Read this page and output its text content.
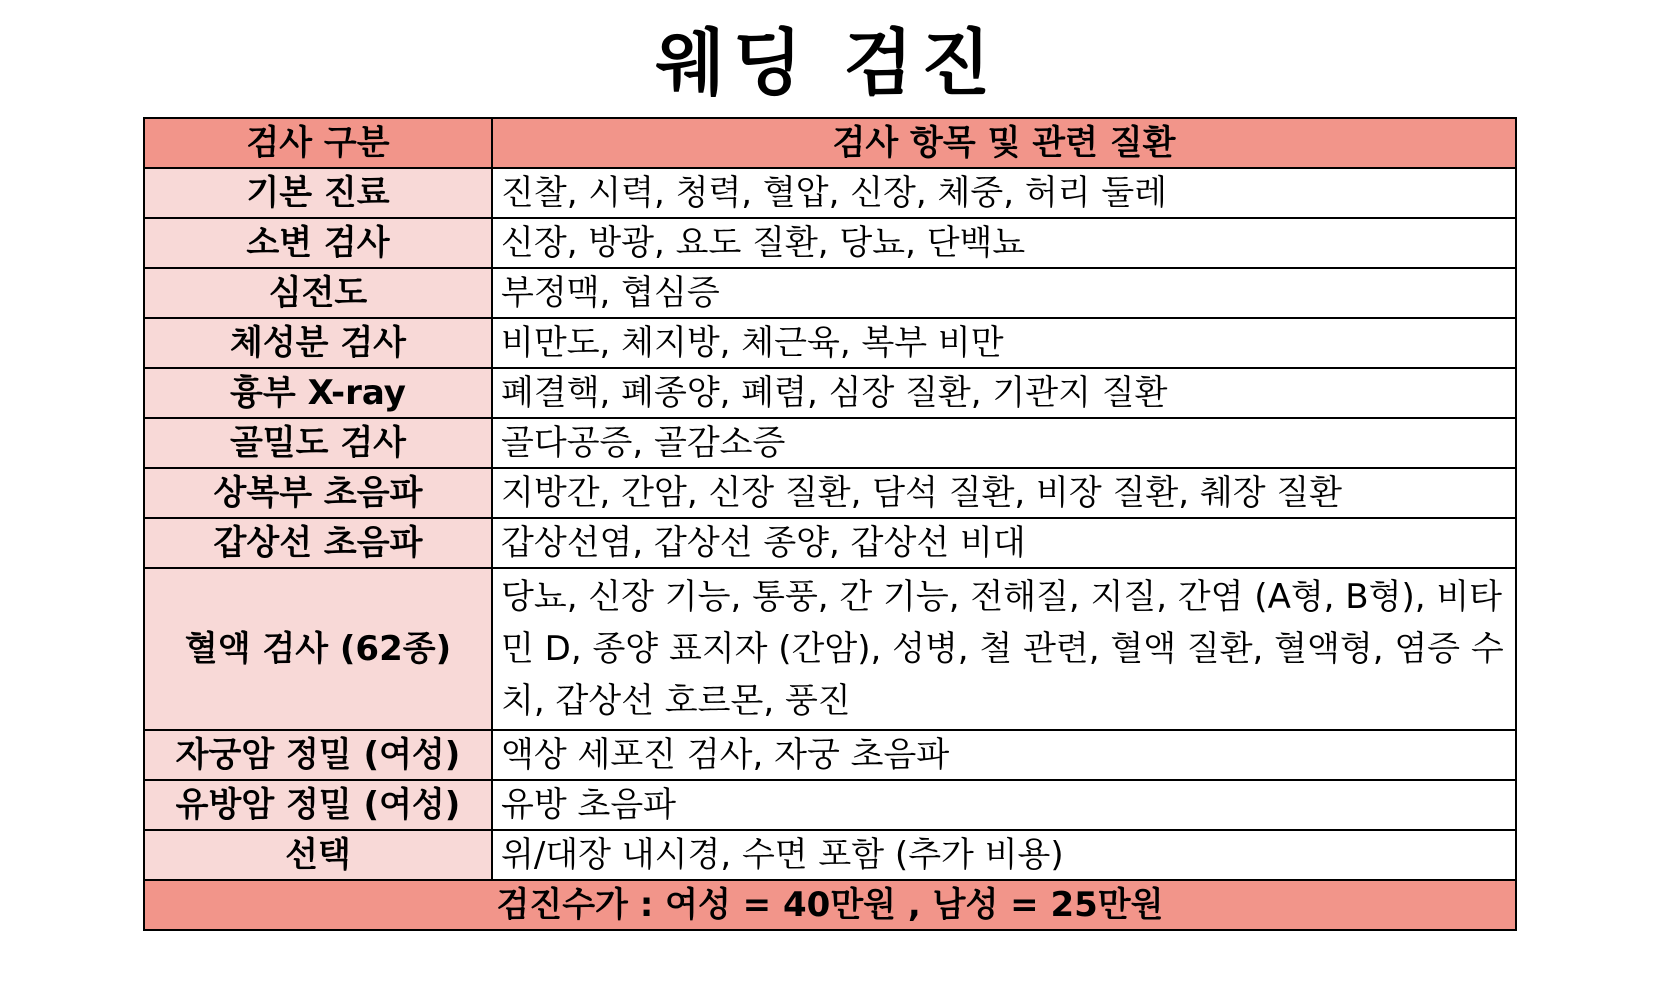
웨딩 검진
검사 구분	검사 항목 및 관련 질환
기본 진료	진찰, 시력, 청력, 혈압, 신장, 체중, 허리 둘레
소변 검사	신장, 방광, 요도 질환, 당뇨, 단백뇨
심전도	부정맥, 협심증
체성분 검사	비만도, 체지방, 체근육, 복부 비만
흉부 X-ray	폐결핵, 폐종양, 폐렴, 심장 질환, 기관지 질환
골밀도 검사	골다공증, 골감소증
상복부 초음파	지방간, 간암, 신장 질환, 담석 질환, 비장 질환, 췌장 질환
갑상선 초음파	갑상선염, 갑상선 종양, 갑상선 비대
혈액 검사 (62종)	당뇨, 신장 기능, 통풍, 간 기능, 전해질, 지질, 간염 (A형, B형), 비타민 D, 종양 표지자 (간암), 성병, 철 관련, 혈액 질환, 혈액형, 염증 수치, 갑상선 호르몬, 풍진
자궁암 정밀 (여성)	액상 세포진 검사, 자궁 초음파
유방암 정밀 (여성)	유방 초음파
선택	위/대장 내시경, 수면 포함 (추가 비용)
검진수가 : 여성 = 40만원 , 남성 = 25만원	
